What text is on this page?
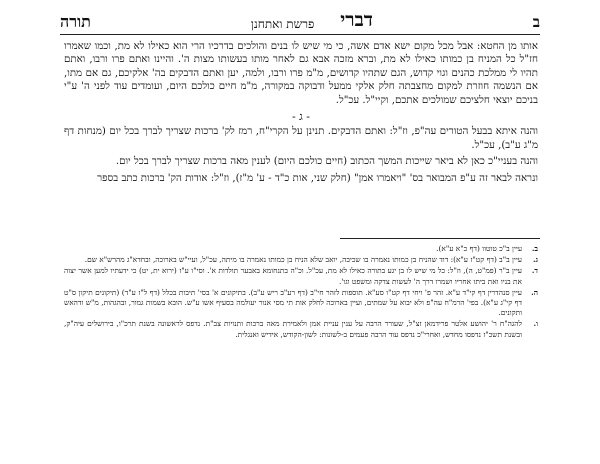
ב
דברי
פרשת ואתחנן
תורה

אותו מן החטא: אבל מכל מקום ישא אדם אשה, כי מי שיש לו בנים והולכים בדרכיו הרי הוא כאילו לא מת, וכמו שאמרו חז"ל כל המניח בן כמותו כאילו לא מת, וברא מזכה אבא גם לאחר מותו בעשותו מצות ה'. והיינו ואתם פרו ורבו, ואתם תהיו לי ממלכת כהנים וגוי קדוש, הגם שתהיו קדושים, מ"מ פרו ורבו, ולמה, יען ואתם הדבקים בה' אלקיכם, גם אם מתו, אם הנשמה חוזרת למקום מחצבתה חלק אלקי ממעל ודבוקה במקורה, מ"מ חיים כולכם היום, ועומדים עוד לפני ה' ע"י בניכם יוצאי חלציכם שמולכים אתכם, וקיי"ל. עכ"ל.

- ג -

והנה איתא בבעל הטורים עה"פ, וז"ל: ואתם הדבקים. תנינן על הקרי"ח, רמז לק' ברכות שצריך לברך בכל יום (מנחות דף מ"ג ע"ב), עכ"ל.

והנה בעניי"כ כאן לא ביאר שייכות המשך הכתוב (חיים כולכם היום) לענין מאה ברכות שצריך לברך בכל יום.

ונראה לבאר זה ע"פ המבואר בס' "ויאמרו אמן" (חלק שני, אות כ"ד - ע' מ"ז), וז"ל: אודות הק' ברכות כתב בספר

ב.
עיין ב"כ טוטוו (דף כ"א ע"א).
ג.
עיין ב"ב (דף קט"ז ע"א): דוד שהניח בן כמותו נאמרה בו שכיבה, יואב שלא הניח בן כמותו נאמרה בו מיתה, עכ"ל, ועיי"ש בארוכה, ובחדא"ג מהרש"א שם.
ד.
עיין ב"ר (פמ"ט, ה), וז"ל: כל מי שיש לו בן יגע בתורה כאילו לא מת, עכ"ל. וכ"ה בתנחומא באבער תולדות א'. וסי"ו ע"ז (ירוא ית, יט) כי ידעתיו למען אשר יצוה את בניו ואת ביתו אחריו ושמרו דרך ה' לעשות צדקה ומשפט וגו'.
ה.
עיין סנהדרין דף קי"ד ע"א. זהר פ' ויחי דף קט"ו סע"א. תוספות לזהר חי"ב (דף רע"ב ריש ע"ב). בתיקונים א' בסי' תיבות בכלל (דף ל"ז ע"ד) (תיקונים תיקון ס"ט דף קי"ג ע"א). בפי' הרמ"ח עה"פ ולא יבוא על שמתים, ועיין בארוכה לחלק אות תי מסי אנור יעולמה בסעיף אשו ע"ש. הובא בשמות גמור, ובהגהות, מ"ש ודהאש ותקונים.
ו.
להגה"ח ר' יהושע אלטר פרידמאן זצ"ל, שעורר הרבה על ענין עניית אמן ולאמירת מאה ברכות ותנויות צב"ת. נדפס לראשונה בשנת תרכ"ו, בירושלים עיה"ק, ובשנת תשכ"ז נדפסו מחדש, ואחרי"כ נדפס עוד הרבה פעמים ב-לשונות: לשון-הקודש, אידיש ואנגלית.
